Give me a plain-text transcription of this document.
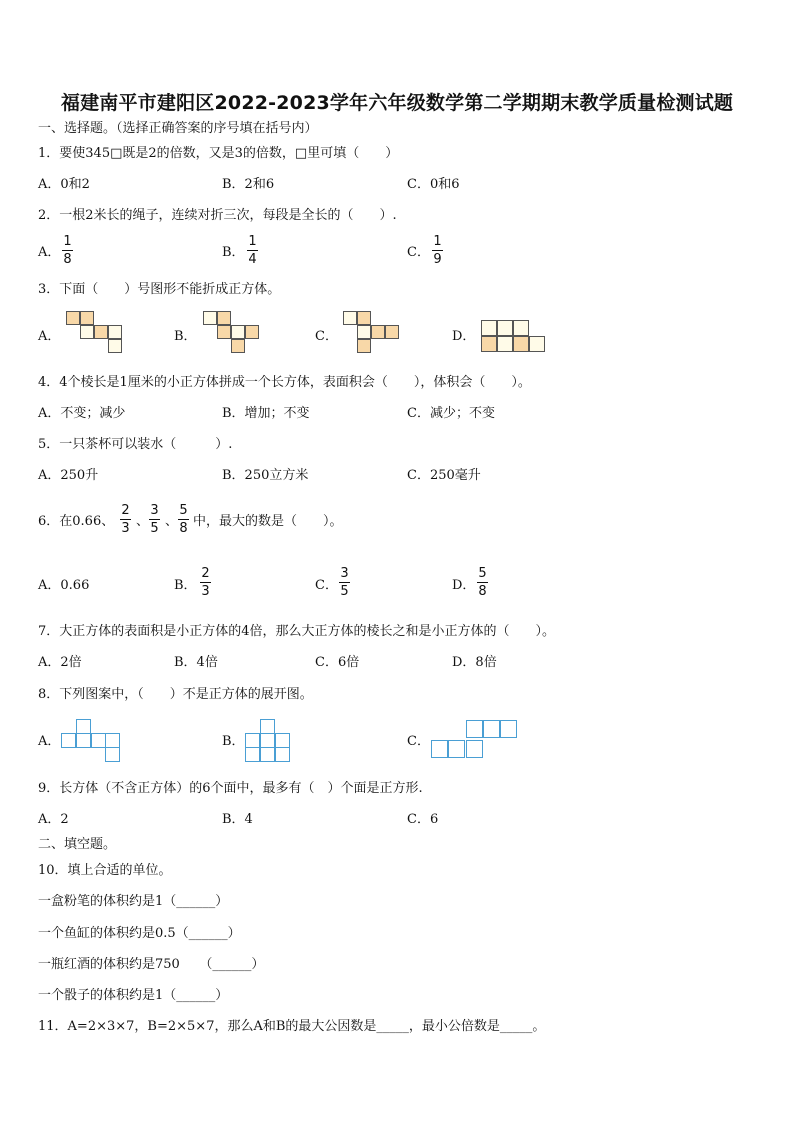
福建南平市建阳区2022-2023学年六年级数学第二学期期末教学质量检测试题
一、选择题。（选择正确答案的序号填在括号内）
1．要使345□既是2的倍数，又是3的倍数，□里可填（　　）
A．0和2	B．2和6	C．0和6
2．一根2米长的绳子，连续对折三次，每段是全长的（　　）.
A．
1
8	B．
1
4	C．
1
9
3．下面（　　）号图形不能折成正方体。
A．	B．	C．	D．
4．4个棱长是1厘米的小正方体拼成一个长方体，表面积会（　　），体积会（　　）。
A．不变；减少	B．增加；不变	C．减少；不变
5．一只茶杯可以装水（　　　）.
A．250升	B．250立方米	C．250毫升
6．在0.66、
2
3 、
3
5 、
5
8 中，最大的数是（　　）。
A．0.66	B．
2
3	C．
3
5	D．
5
8
7．大正方体的表面积是小正方体的4倍，那么大正方体的棱长之和是小正方体的（　　）。
A．2倍	B．4倍	C．6倍	D．8倍
8．下列图案中，（　　）不是正方体的展开图。
A．	B．	C．
9．长方体（不含正方体）的6个面中，最多有（　）个面是正方形.
A．2	B．4	C．6
二、填空题。
10．填上合适的单位。
一盒粉笔的体积约是1（______）
一个鱼缸的体积约是0.5（______）
一瓶红酒的体积约是750　　（______）
一个骰子的体积约是1（______）
11．A=2×3×7，B=2×5×7，那么A和B的最大公因数是_____，最小公倍数是_____。
